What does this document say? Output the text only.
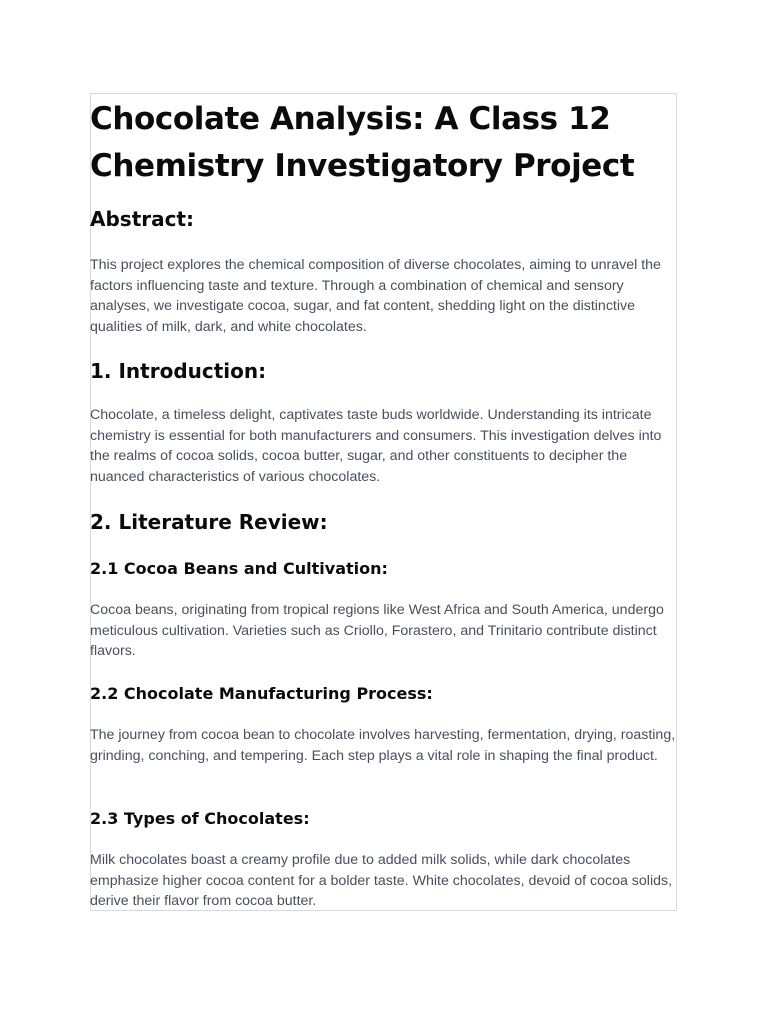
Chocolate Analysis: A Class 12 Chemistry Investigatory Project
Abstract:

This project explores the chemical composition of diverse chocolates, aiming to unravel the factors influencing taste and texture. Through a combination of chemical and sensory analyses, we investigate cocoa, sugar, and fat content, shedding light on the distinctive qualities of milk, dark, and white chocolates.

1. Introduction:

Chocolate, a timeless delight, captivates taste buds worldwide. Understanding its intricate chemistry is essential for both manufacturers and consumers. This investigation delves into the realms of cocoa solids, cocoa butter, sugar, and other constituents to decipher the nuanced characteristics of various chocolates.

2. Literature Review:
2.1 Cocoa Beans and Cultivation:

Cocoa beans, originating from tropical regions like West Africa and South America, undergo meticulous cultivation. Varieties such as Criollo, Forastero, and Trinitario contribute distinct flavors.

2.2 Chocolate Manufacturing Process:

The journey from cocoa bean to chocolate involves harvesting, fermentation, drying, roasting, grinding, conching, and tempering. Each step plays a vital role in shaping the final product.

2.3 Types of Chocolates:

Milk chocolates boast a creamy profile due to added milk solids, while dark chocolates emphasize higher cocoa content for a bolder taste. White chocolates, devoid of cocoa solids, derive their flavor from cocoa butter.
